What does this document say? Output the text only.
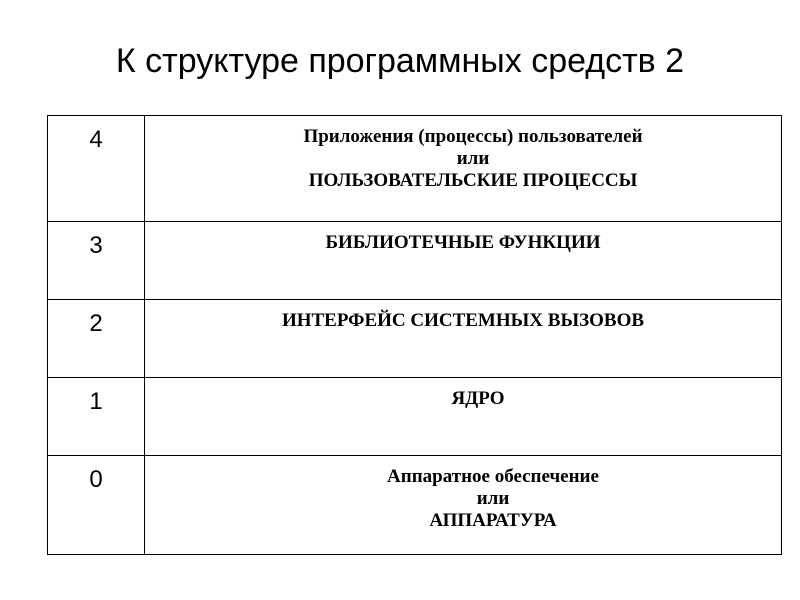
К структуре программных средств 2
4	Приложения (процессы) пользователей
или
ПОЛЬЗОВАТЕЛЬСКИЕ ПРОЦЕССЫ

3	БИБЛИОТЕЧНЫЕ ФУНКЦИИ

2	ИНТЕРФЕЙС СИСТЕМНЫХ ВЫЗОВОВ

1	ЯДРО

0	Аппаратное обеспечение
или
АППАРАТУРА
